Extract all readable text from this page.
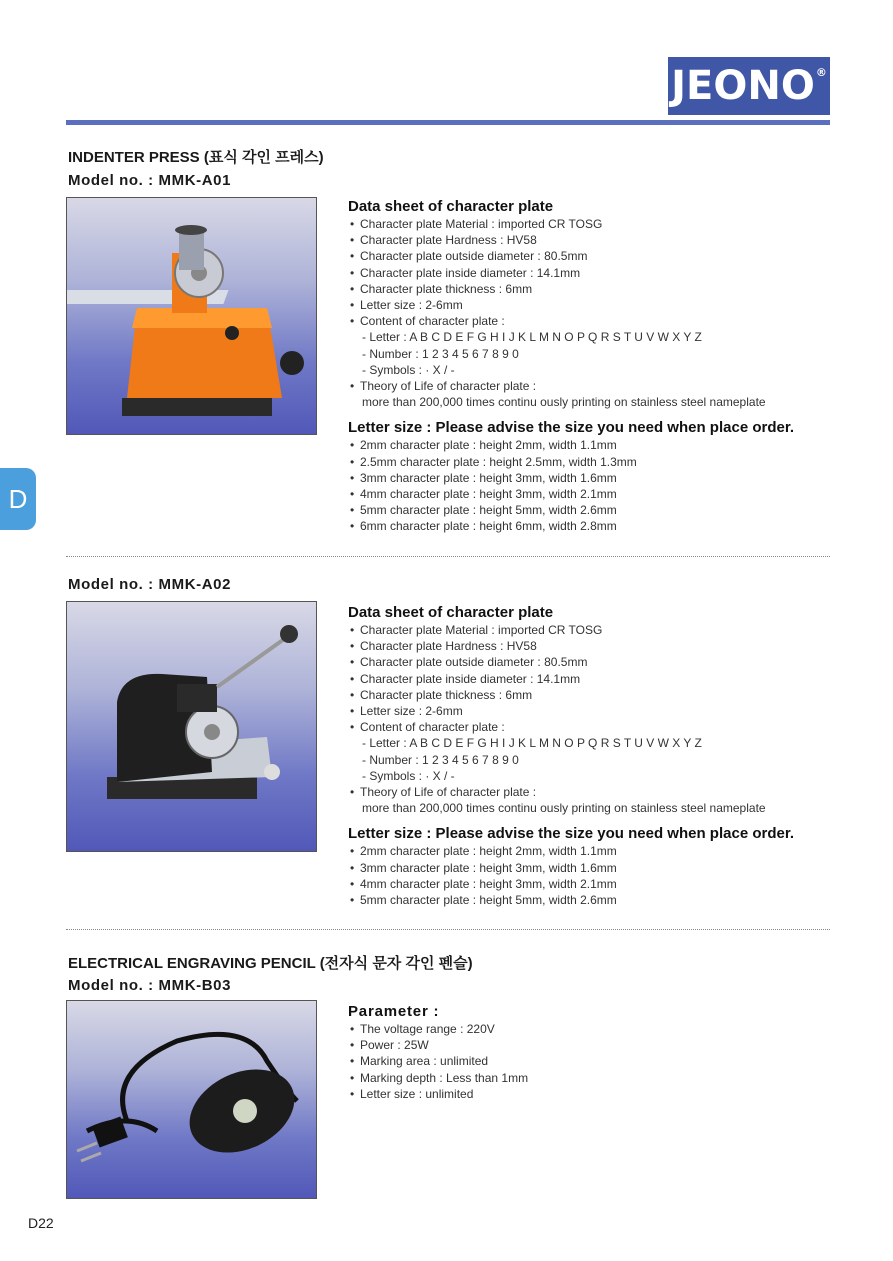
JEONO®
INDENTER PRESS (표식 각인 프레스)
Model no. : MMK-A01
Data sheet of character plate
• Character plate Material : imported CR TOSG
• Character plate Hardness : HV58
• Character plate outside diameter : 80.5mm
• Character plate inside diameter : 14.1mm
• Character plate thickness : 6mm
• Letter size : 2-6mm
• Content of character plate :
- Letter : A B C D E F G H I J K L M N O P Q R S T U V W X Y Z
- Number : 1 2 3 4 5 6 7 8 9 0
- Symbols : · X / -
• Theory of Life of character plate :
more than 200,000 times continu ously printing on stainless steel nameplate
Letter size : Please advise the size you need when place order.
• 2mm character plate : height 2mm, width 1.1mm
• 2.5mm character plate : height 2.5mm, width 1.3mm
• 3mm character plate : height 3mm, width 1.6mm
• 4mm character plate : height 3mm, width 2.1mm
• 5mm character plate : height 5mm, width 2.6mm
• 6mm character plate : height 6mm, width 2.8mm
D
Model no. : MMK-A02
Data sheet of character plate
• Character plate Material : imported CR TOSG
• Character plate Hardness : HV58
• Character plate outside diameter : 80.5mm
• Character plate inside diameter : 14.1mm
• Character plate thickness : 6mm
• Letter size : 2-6mm
• Content of character plate :
- Letter : A B C D E F G H I J K L M N O P Q R S T U V W X Y Z
- Number : 1 2 3 4 5 6 7 8 9 0
- Symbols : · X / -
• Theory of Life of character plate :
more than 200,000 times continu ously printing on stainless steel nameplate
Letter size : Please advise the size you need when place order.
• 2mm character plate : height 2mm, width 1.1mm
• 3mm character plate : height 3mm, width 1.6mm
• 4mm character plate : height 3mm, width 2.1mm
• 5mm character plate : height 5mm, width 2.6mm
ELECTRICAL ENGRAVING PENCIL (전자식 문자 각인 펜슬)
Model no. : MMK-B03
Parameter :
• The voltage range : 220V
• Power : 25W
• Marking area : unlimited
• Marking depth : Less than 1mm
• Letter size : unlimited
D22
